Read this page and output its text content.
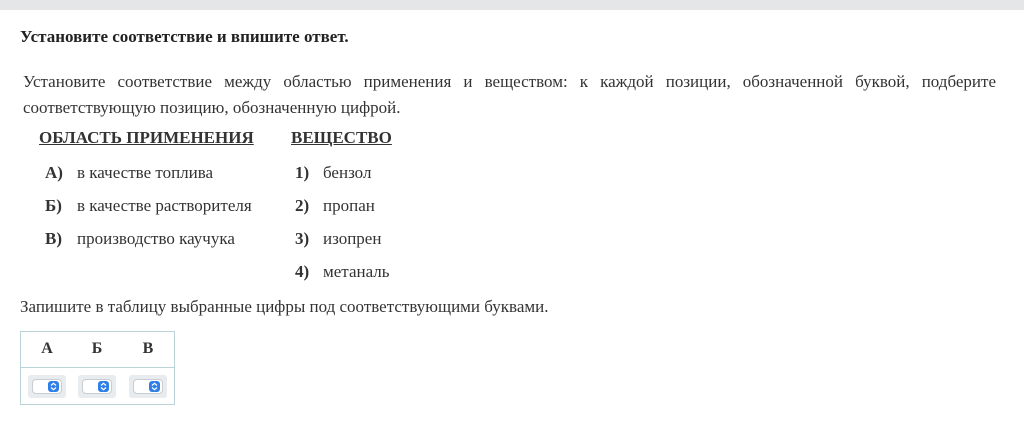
Установите соответствие и впишите ответ.

Установите соответствие между областью применения и веществом: к каждой позиции, обозначенной буквой, подберите соответствующую позицию, обозначенную цифрой.

ОБЛАСТЬ ПРИМЕНЕНИЯ ВЕЩЕСТВО
А) в качестве топлива
Б) в качестве растворителя
В) производство каучука
1) бензол
2) пропан
3) изопрен
4) метаналь

Запишите в таблицу выбранные цифры под соответствующими буквами.

А	Б	В
